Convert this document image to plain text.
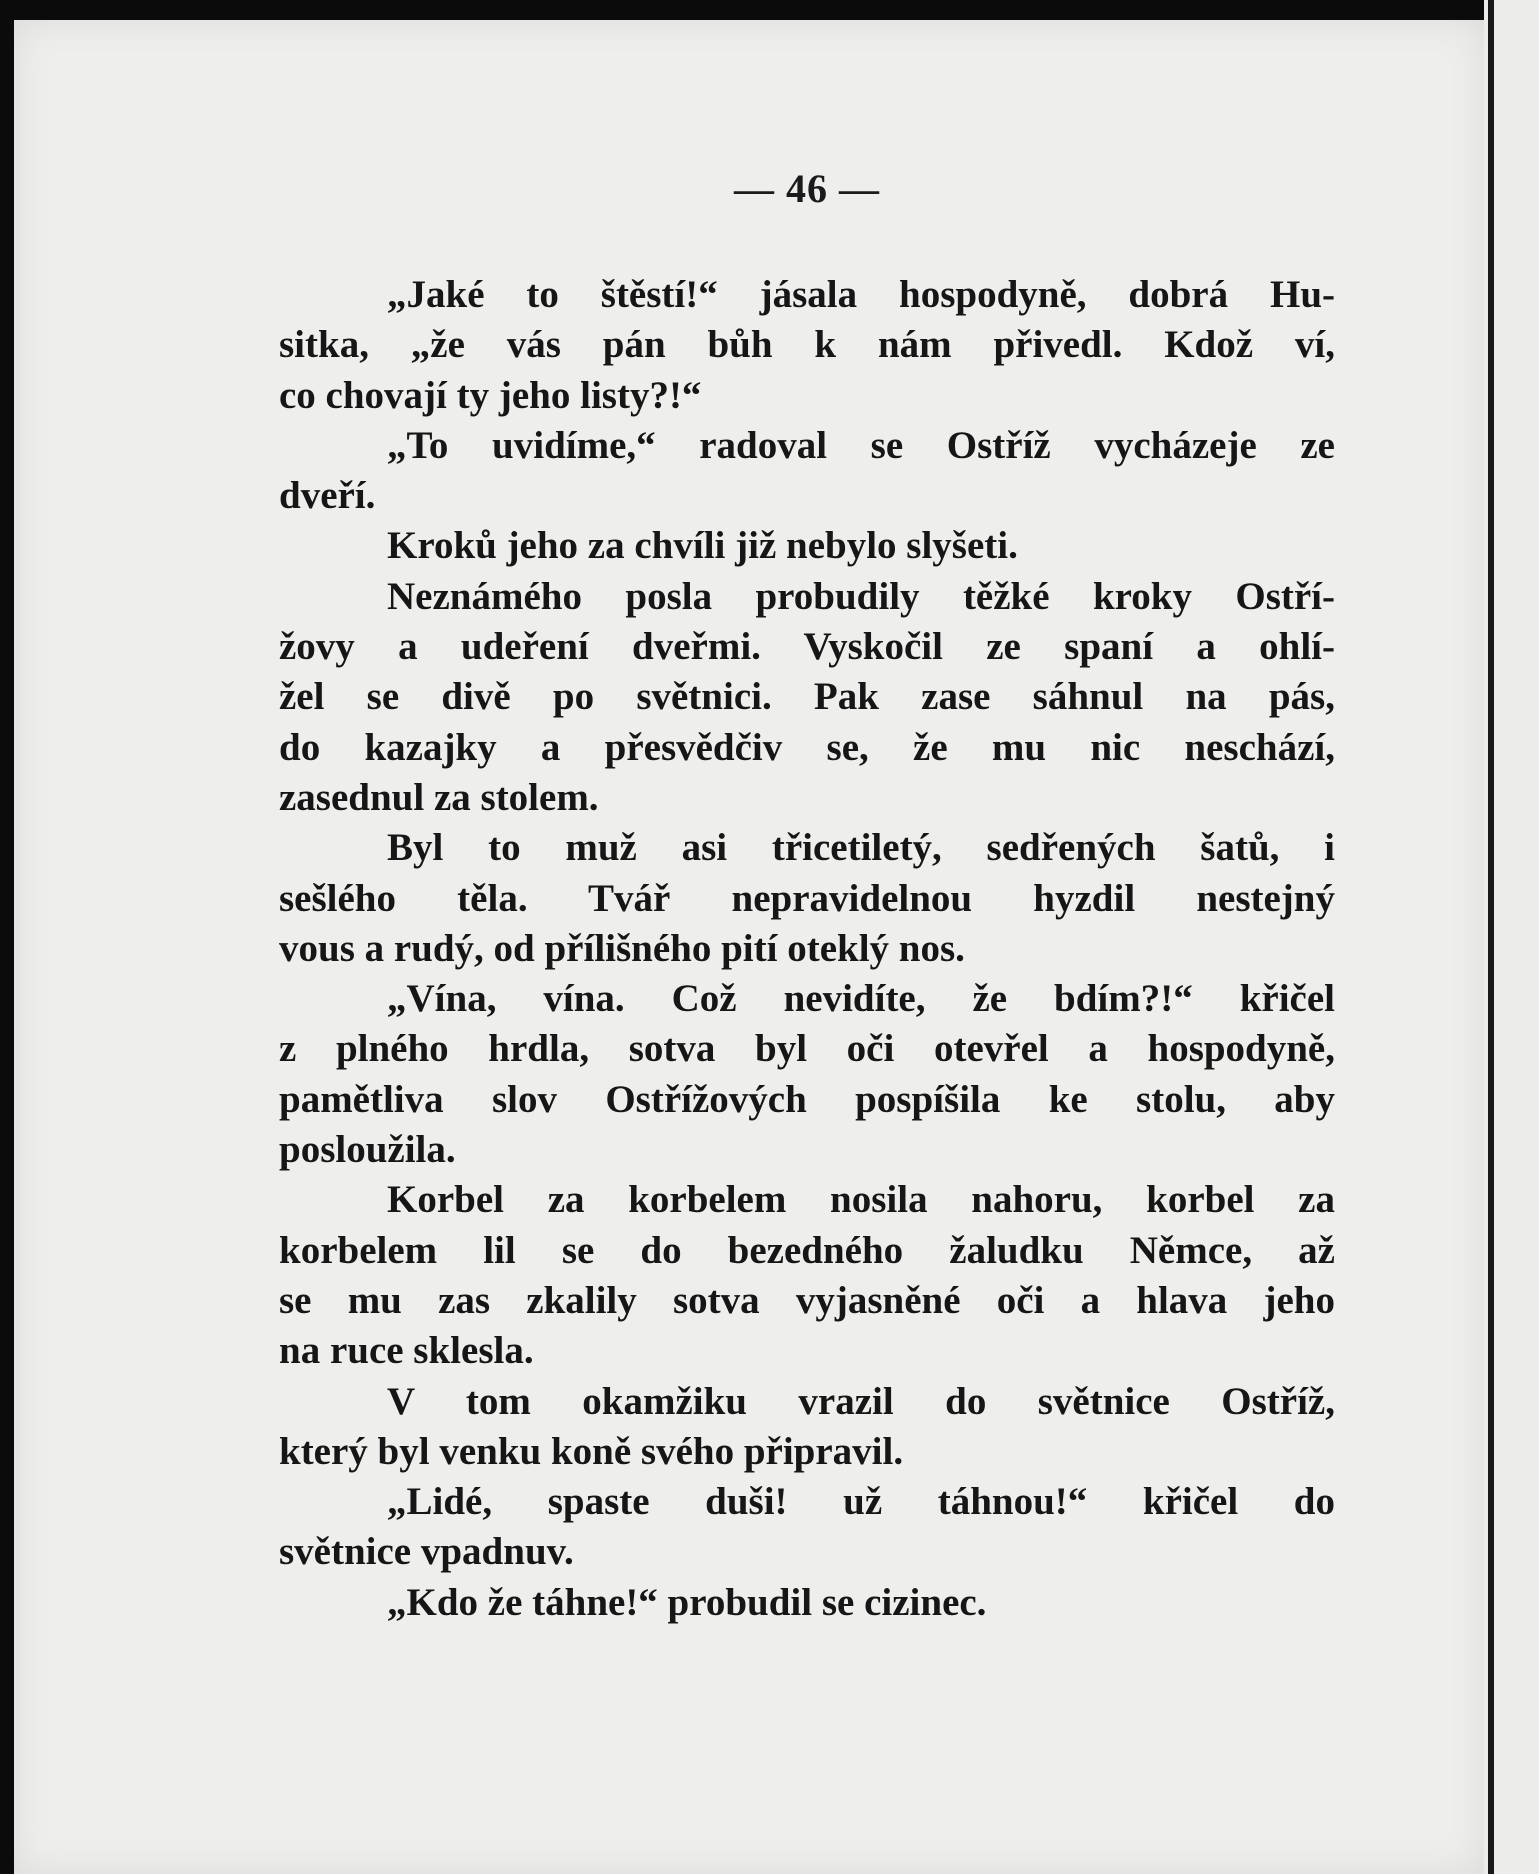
— 46 —
„Jaké to štěstí!“ jásala hospodyně, dobrá Hu-
sitka, „že vás pán bůh k nám přivedl. Kdož ví,
co chovají ty jeho listy?!“
„To uvidíme,“ radoval se Ostříž vycházeje ze
dveří.
Kroků jeho za chvíli již nebylo slyšeti.
Neznámého posla probudily těžké kroky Ostří-
žovy a udeření dveřmi. Vyskočil ze spaní a ohlí-
žel se divě po světnici. Pak zase sáhnul na pás,
do kazajky a přesvědčiv se, že mu nic neschází,
zasednul za stolem.
Byl to muž asi třicetiletý, sedřených šatů, i
sešlého těla. Tvář nepravidelnou hyzdil nestejný
vous a rudý, od přílišného pití oteklý nos.
„Vína, vína. Což nevidíte, že bdím?!“ křičel
z plného hrdla, sotva byl oči otevřel a hospodyně,
pamětliva slov Ostřížových pospíšila ke stolu, aby
posloužila.
Korbel za korbelem nosila nahoru, korbel za
korbelem lil se do bezedného žaludku Němce, až
se mu zas zkalily sotva vyjasněné oči a hlava jeho
na ruce sklesla.
V tom okamžiku vrazil do světnice Ostříž,
který byl venku koně svého připravil.
„Lidé, spaste duši! už táhnou!“ křičel do
světnice vpadnuv.
„Kdo že táhne!“ probudil se cizinec.
